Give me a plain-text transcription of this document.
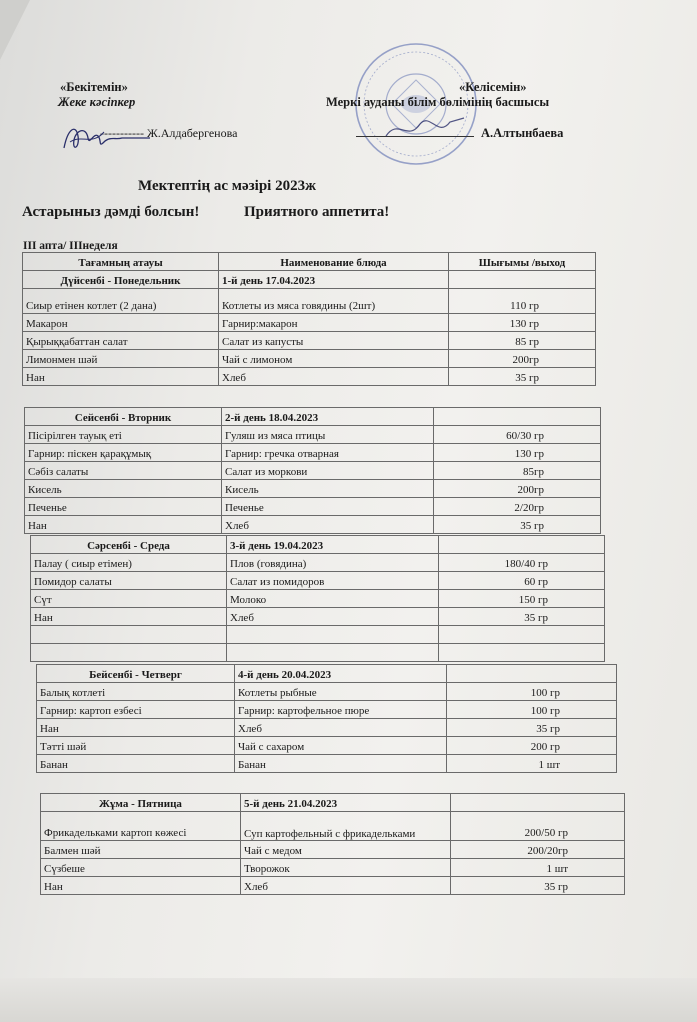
«Бекітемін»
Жеке кәсіпкер
----------- Ж.Алдабергенова
«Келісемін»
Меркі ауданы білім бөлімінің басшысы
А.Алтынбаева
Мектептің ас мәзірі 2023ж
Астарыныз дәмді болсын!	Приятного аппетита!
III апта/ IIIнеделя
Тағамның атауы	Наименование блюда	Шығымы /выход
Дүйсенбі - Понедельник	1-й день 17.04.2023	
Сиыр етінен котлет (2 дана)	Котлеты из мяса говядины (2шт)	110 гр
Макарон	Гарнир:макарон	130 гр
Қырыққабаттан салат	Салат из капусты	85 гр
Лимонмен шәй	Чай с лимоном	200гр
Нан	Хлеб	35 гр
Сейсенбі - Вторник	2-й день 18.04.2023	
Пісірілген тауық еті	Гуляш из мяса птицы	60/30 гр
Гарнир: піскен қарақұмық	Гарнир: гречка отварная	130 гр
Сәбіз салаты	Салат из моркови	85гр
Кисель	Кисель	200гр
Печенье	Печенье	2/20гр
Нан	Хлеб	35 гр
Сәрсенбі - Среда	3-й день 19.04.2023	
Палау ( сиыр етімен)	Плов (говядина)	180/40 гр
Помидор салаты	Салат из помидоров	60 гр
Сүт	Молоко	150 гр
Нан	Хлеб	35 гр

Бейсенбі - Четверг	4-й день 20.04.2023	
Балық котлеті	Котлеты рыбные	100 гр
Гарнир: картоп езбесі	Гарнир: картофельное пюре	100 гр
Нан	Хлеб	35 гр
Тәтті шәй	Чай с сахаром	200 гр
Банан	Банан	1 шт
Жұма - Пятница	5-й день 21.04.2023	
Фрикадельками картоп көжесі	Суп картофельный с фрикадельками	200/50 гр
Балмен шәй	Чай с медом	200/20гр
Сүзбеше	Творожок	1 шт
Нан	Хлеб	35 гр
